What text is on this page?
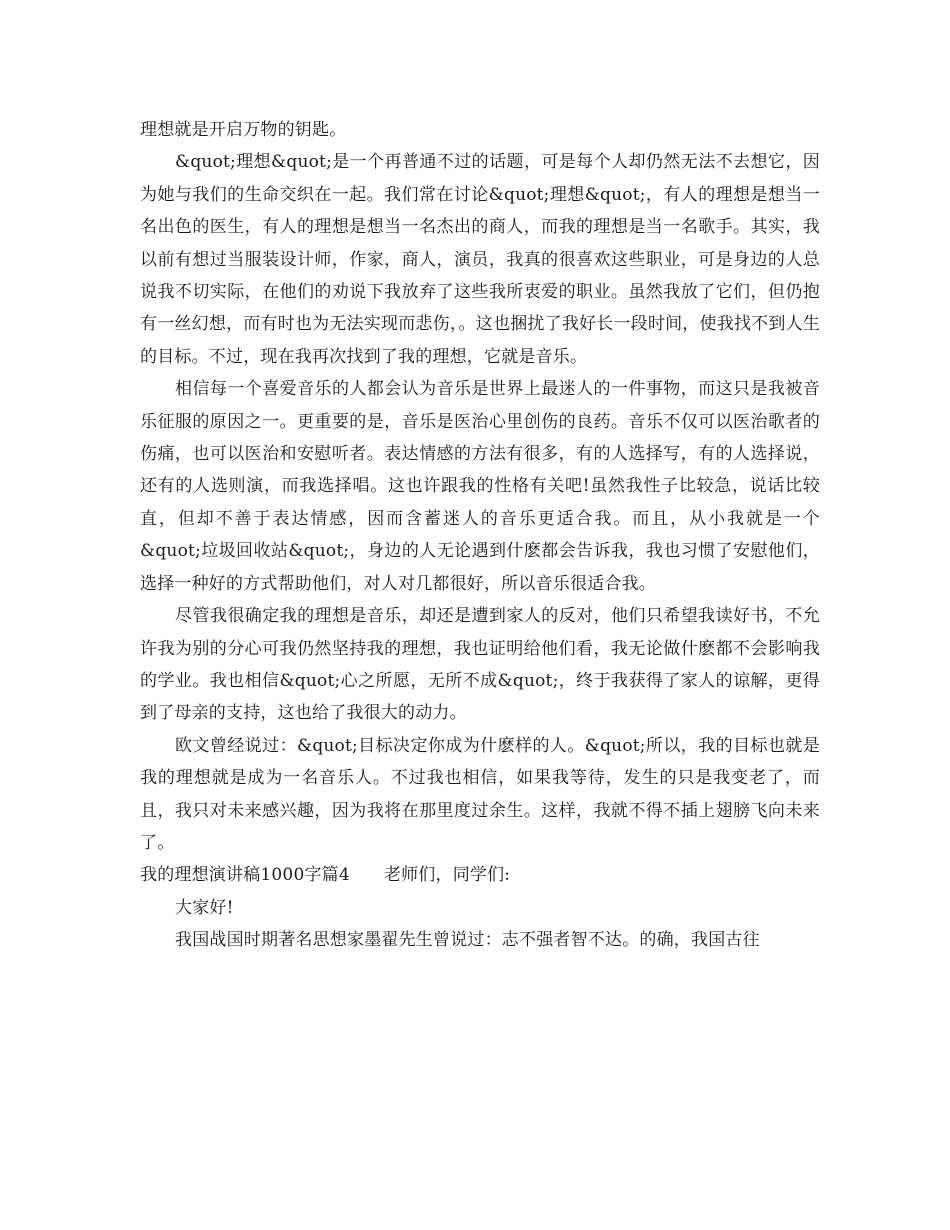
理想就是开启万物的钥匙。

&quot;理想&quot;是一个再普通不过的话题，可是每个人却仍然无法不去想它，因为她与我们的生命交织在一起。我们常在讨论&quot;理想&quot;，有人的理想是想当一名出色的医生，有人的理想是想当一名杰出的商人，而我的理想是当一名歌手。其实，我以前有想过当服装设计师，作家，商人，演员，我真的很喜欢这些职业，可是身边的人总说我不切实际，在他们的劝说下我放弃了这些我所衷爱的职业。虽然我放了它们，但仍抱有一丝幻想，而有时也为无法实现而悲伤，。这也捆扰了我好长一段时间，使我找不到人生的目标。不过，现在我再次找到了我的理想，它就是音乐。

相信每一个喜爱音乐的人都会认为音乐是世界上最迷人的一件事物，而这只是我被音乐征服的原因之一。更重要的是，音乐是医治心里创伤的良药。音乐不仅可以医治歌者的伤痛，也可以医治和安慰听者。表达情感的方法有很多，有的人选择写，有的人选择说，还有的人选则演，而我选择唱。这也许跟我的性格有关吧!虽然我性子比较急，说话比较直，但却不善于表达情感，因而含蓄迷人的音乐更适合我。而且，从小我就是一个&quot;垃圾回收站&quot;，身边的人无论遇到什麽都会告诉我，我也习惯了安慰他们，选择一种好的方式帮助他们，对人对几都很好，所以音乐很适合我。

尽管我很确定我的理想是音乐，却还是遭到家人的反对，他们只希望我读好书，不允许我为别的分心可我仍然坚持我的理想，我也证明给他们看，我无论做什麽都不会影响我的学业。我也相信&quot;心之所愿，无所不成&quot;，终于我获得了家人的谅解，更得到了母亲的支持，这也给了我很大的动力。

欧文曾经说过：&quot;目标决定你成为什麽样的人。&quot;所以，我的目标也就是我的理想就是成为一名音乐人。不过我也相信，如果我等待，发生的只是我变老了，而且，我只对未来感兴趣，因为我将在那里度过余生。这样，我就不得不插上翅膀飞向未来了。

我的理想演讲稿1000字篇4 老师们，同学们:

大家好!

我国战国时期著名思想家墨翟先生曾说过：志不强者智不达。的确，我国古往
